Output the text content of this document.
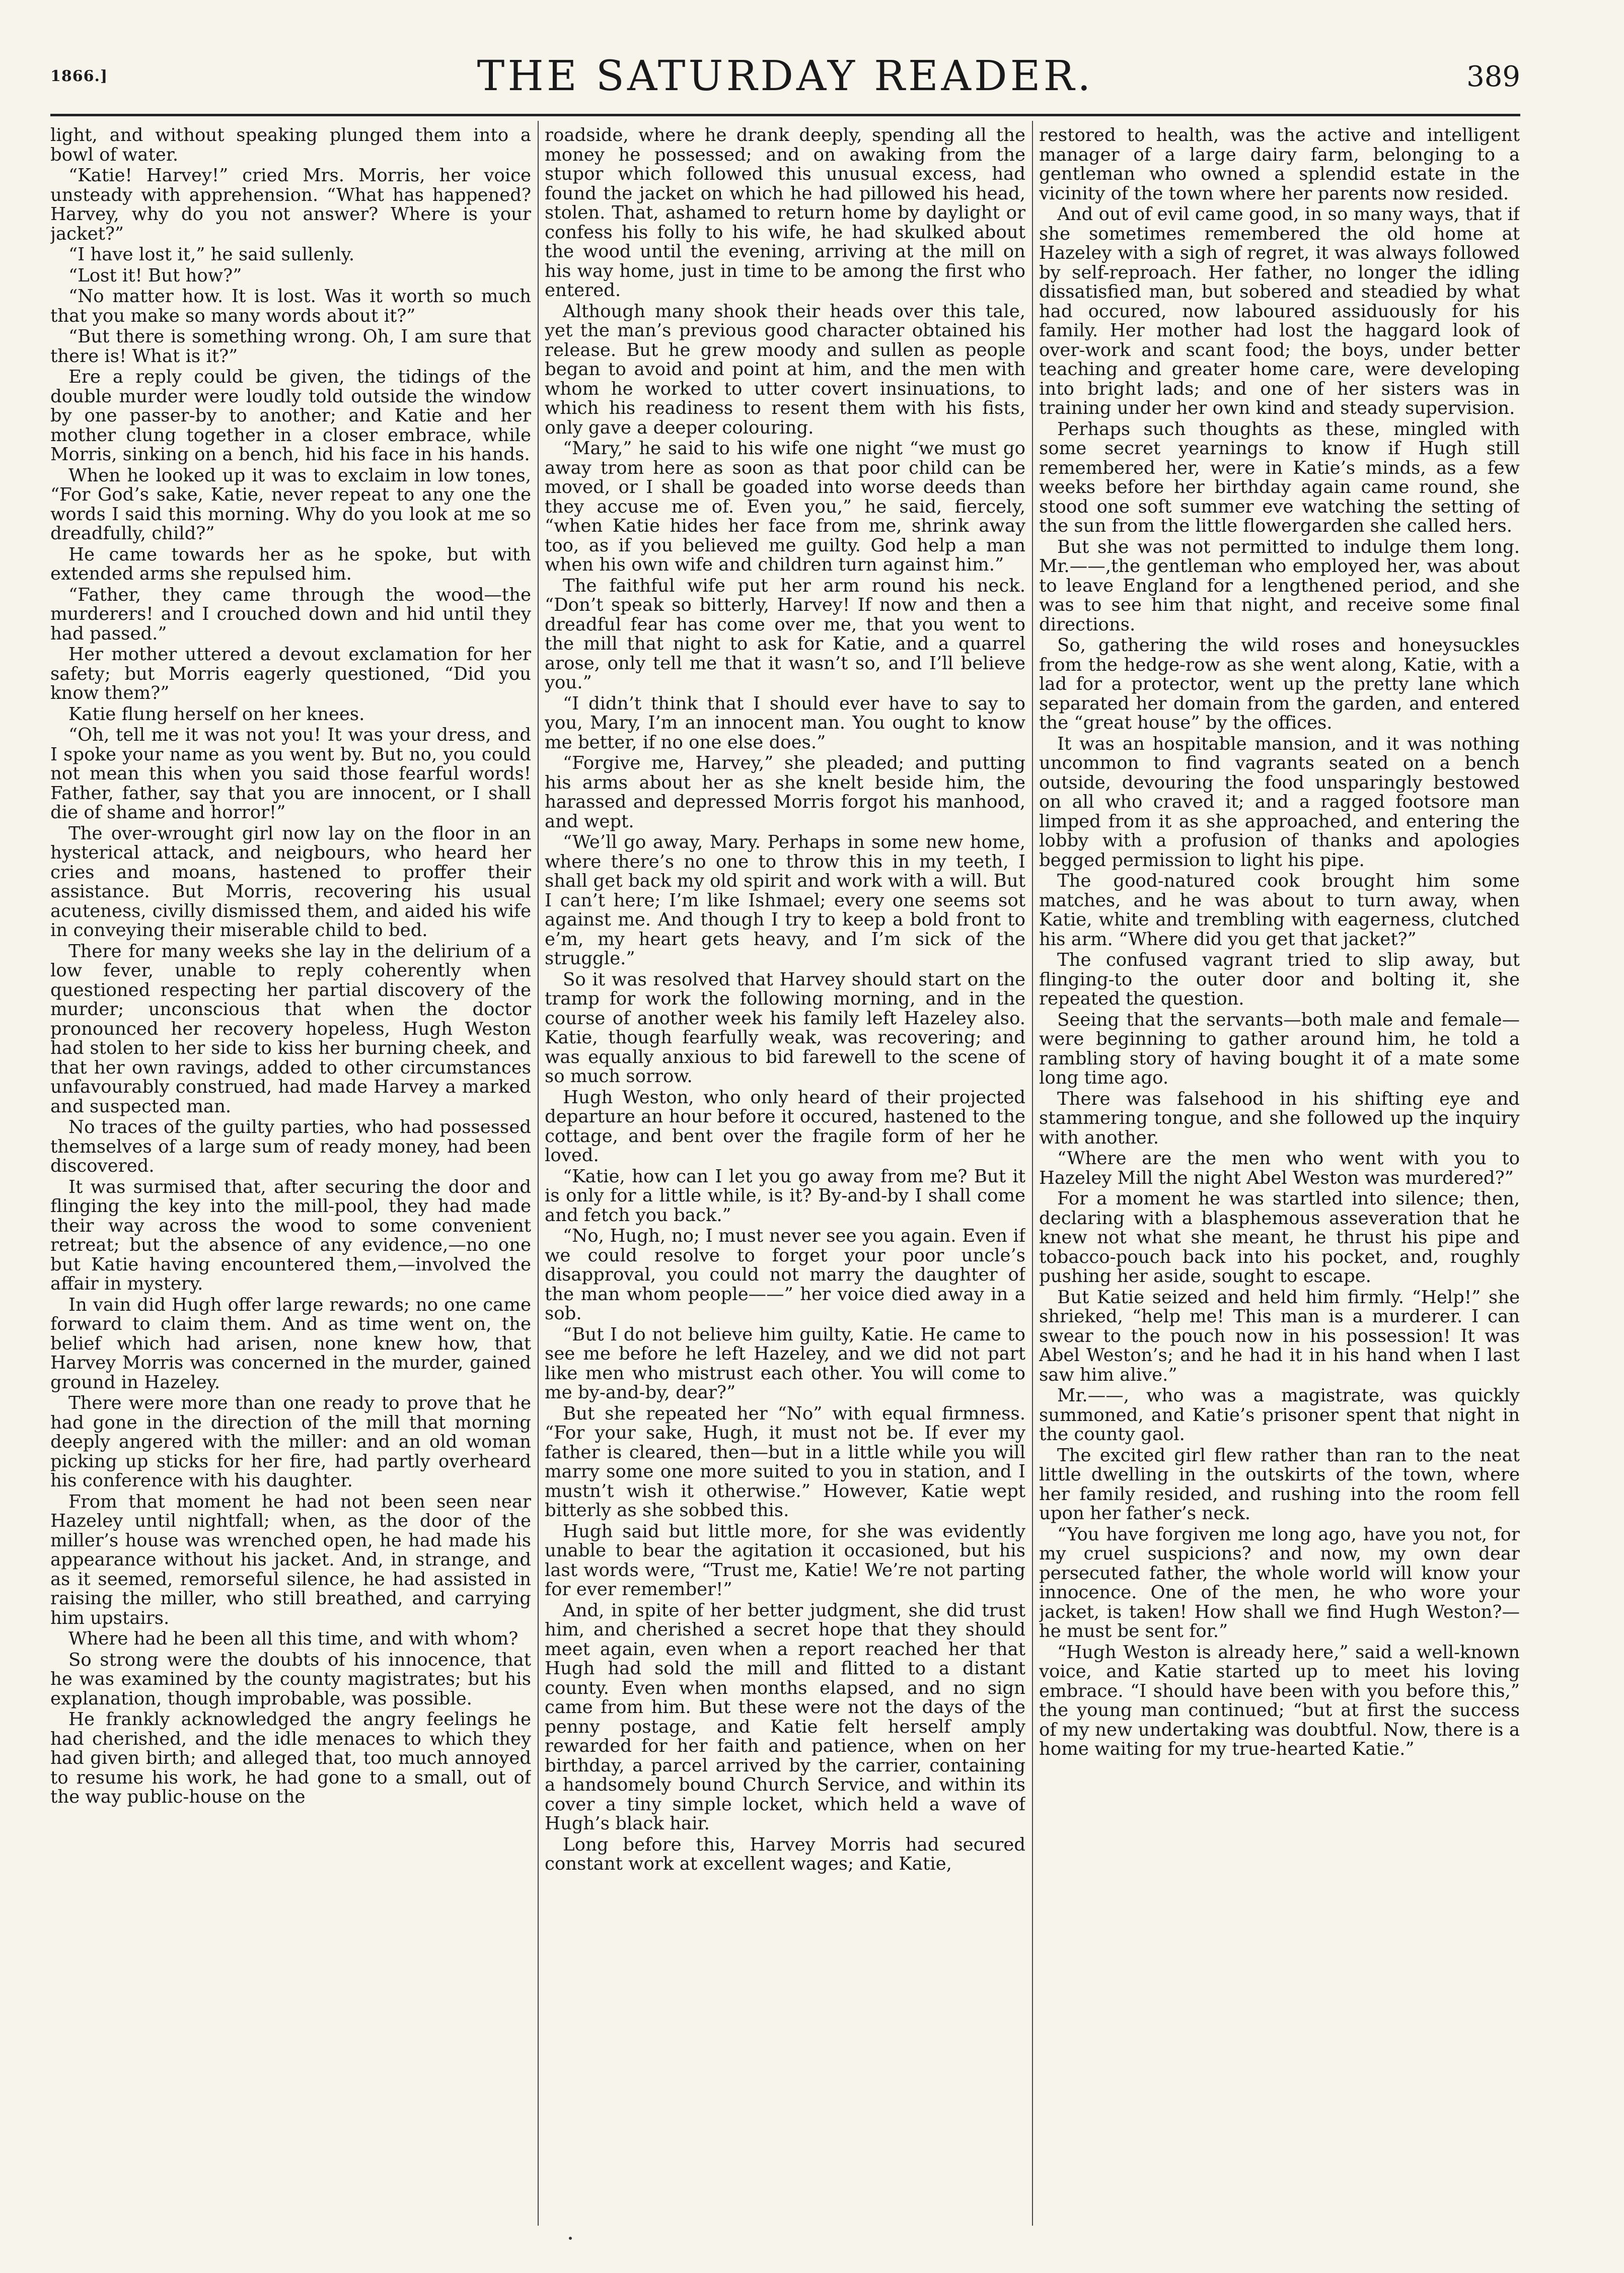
1866.]	THE SATURDAY READER.	389

light, and without speaking plunged them into a bowl of water.

“Katie! Harvey!” cried Mrs. Morris, her voice unsteady with apprehension. “What has happened? Harvey, why do you not answer? Where is your jacket?”

“I have lost it,” he said sullenly.

“Lost it! But how?”

“No matter how. It is lost. Was it worth so much that you make so many words about it?”

“But there is something wrong. Oh, I am sure that there is! What is it?”

Ere a reply could be given, the tidings of the double murder were loudly told outside the window by one passer-by to another; and Katie and her mother clung together in a closer embrace, while Morris, sinking on a bench, hid his face in his hands.

When he looked up it was to exclaim in low tones, “For God’s sake, Katie, never repeat to any one the words I said this morning. Why do you look at me so dreadfully, child?”

He came towards her as he spoke, but with extended arms she repulsed him.

“Father, they came through the wood—the murderers! and I crouched down and hid until they had passed.”

Her mother uttered a devout exclamation for her safety; but Morris eagerly questioned, “Did you know them?”

Katie flung herself on her knees.

“Oh, tell me it was not you! It was your dress, and I spoke your name as you went by. But no, you could not mean this when you said those fearful words! Father, father, say that you are innocent, or I shall die of shame and horror!”

The over-wrought girl now lay on the floor in an hysterical attack, and neigbours, who heard her cries and moans, hastened to proffer their assistance. But Morris, recovering his usual acuteness, civilly dismissed them, and aided his wife in conveying their miserable child to bed.

There for many weeks she lay in the delirium of a low fever, unable to reply coherently when questioned respecting her partial discovery of the murder; unconscious that when the doctor pronounced her recovery hopeless, Hugh Weston had stolen to her side to kiss her burning cheek, and that her own ravings, added to other circumstances unfavourably construed, had made Harvey a marked and suspected man.

No traces of the guilty parties, who had possessed themselves of a large sum of ready money, had been discovered.

It was surmised that, after securing the door and flinging the key into the mill-pool, they had made their way across the wood to some convenient retreat; but the absence of any evidence,—no one but Katie having encountered them,—involved the affair in mystery.

In vain did Hugh offer large rewards; no one came forward to claim them. And as time went on, the belief which had arisen, none knew how, that Harvey Morris was concerned in the murder, gained ground in Hazeley.

There were more than one ready to prove that he had gone in the direction of the mill that morning deeply angered with the miller: and an old woman picking up sticks for her fire, had partly overheard his conference with his daughter.

From that moment he had not been seen near Hazeley until nightfall; when, as the door of the miller’s house was wrenched open, he had made his appearance without his jacket. And, in strange, and as it seemed, remorseful silence, he had assisted in raising the miller, who still breathed, and carrying him upstairs.

Where had he been all this time, and with whom?

So strong were the doubts of his innocence, that he was examined by the county magistrates; but his explanation, though improbable, was possible.

He frankly acknowledged the angry feelings he had cherished, and the idle menaces to which they had given birth; and alleged that, too much annoyed to resume his work, he had gone to a small, out of the way public-house on the

roadside, where he drank deeply, spending all the money he possessed; and on awaking from the stupor which followed this unusual excess, had found the jacket on which he had pillowed his head, stolen. That, ashamed to return home by daylight or confess his folly to his wife, he had skulked about the wood until the evening, arriving at the mill on his way home, just in time to be among the first who entered.

Although many shook their heads over this tale, yet the man’s previous good character obtained his release. But he grew moody and sullen as people began to avoid and point at him, and the men with whom he worked to utter covert insinuations, to which his readiness to resent them with his fists, only gave a deeper colouring.

“Mary,” he said to his wife one night “we must go away trom here as soon as that poor child can be moved, or I shall be goaded into worse deeds than they accuse me of. Even you,” he said, fiercely, “when Katie hides her face from me, shrink away too, as if you believed me guilty. God help a man when his own wife and children turn against him.”

The faithful wife put her arm round his neck. “Don’t speak so bitterly, Harvey! If now and then a dreadful fear has come over me, that you went to the mill that night to ask for Katie, and a quarrel arose, only tell me that it wasn’t so, and I’ll believe you.”

“I didn’t think that I should ever have to say to you, Mary, I’m an innocent man. You ought to know me better, if no one else does.”

“Forgive me, Harvey,” she pleaded; and putting his arms about her as she knelt beside him, the harassed and depressed Morris forgot his manhood, and wept.

“We’ll go away, Mary. Perhaps in some new home, where there’s no one to throw this in my teeth, I shall get back my old spirit and work with a will. But I can’t here; I’m like Ishmael; every one seems sot against me. And though I try to keep a bold front to e’m, my heart gets heavy, and I’m sick of the struggle.”

So it was resolved that Harvey should start on the tramp for work the following morning, and in the course of another week his family left Hazeley also. Katie, though fearfully weak, was recovering; and was equally anxious to bid farewell to the scene of so much sorrow.

Hugh Weston, who only heard of their projected departure an hour before it occured, hastened to the cottage, and bent over the fragile form of her he loved.

“Katie, how can I let you go away from me? But it is only for a little while, is it? By-and-by I shall come and fetch you back.”

“No, Hugh, no; I must never see you again. Even if we could resolve to forget your poor uncle’s disapproval, you could not marry the daughter of the man whom people——” her voice died away in a sob.

“But I do not believe him guilty, Katie. He came to see me before he left Hazeley, and we did not part like men who mistrust each other. You will come to me by-and-by, dear?”

But she repeated her “No” with equal firmness. “For your sake, Hugh, it must not be. If ever my father is cleared, then—but in a little while you will marry some one more suited to you in station, and I mustn’t wish it otherwise.” However, Katie wept bitterly as she sobbed this.

Hugh said but little more, for she was evidently unable to bear the agitation it occasioned, but his last words were, “Trust me, Katie! We’re not parting for ever remember!”

And, in spite of her better judgment, she did trust him, and cherished a secret hope that they should meet again, even when a report reached her that Hugh had sold the mill and flitted to a distant county. Even when months elapsed, and no sign came from him. But these were not the days of the penny postage, and Katie felt herself amply rewarded for her faith and patience, when on her birthday, a parcel arrived by the carrier, containing a handsomely bound Church Service, and within its cover a tiny simple locket, which held a wave of Hugh’s black hair.

Long before this, Harvey Morris had secured constant work at excellent wages; and Katie,

restored to health, was the active and intelligent manager of a large dairy farm, belonging to a gentleman who owned a splendid estate in the vicinity of the town where her parents now resided.

And out of evil came good, in so many ways, that if she sometimes remembered the old home at Hazeley with a sigh of regret, it was always followed by self-reproach. Her father, no longer the idling dissatisfied man, but sobered and steadied by what had occured, now laboured assiduously for his family. Her mother had lost the haggard look of over-work and scant food; the boys, under better teaching and greater home care, were developing into bright lads; and one of her sisters was in training under her own kind and steady supervision.

Perhaps such thoughts as these, mingled with some secret yearnings to know if Hugh still remembered her, were in Katie’s minds, as a few weeks before her birthday again came round, she stood one soft summer eve watching the setting of the sun from the little flowergarden she called hers.

But she was not permitted to indulge them long. Mr.——,the gentleman who employed her, was about to leave England for a lengthened period, and she was to see him that night, and receive some final directions.

So, gathering the wild roses and honeysuckles from the hedge-row as she went along, Katie, with a lad for a protector, went up the pretty lane which separated her domain from the garden, and entered the “great house” by the offices.

It was an hospitable mansion, and it was nothing uncommon to find vagrants seated on a bench outside, devouring the food unsparingly bestowed on all who craved it; and a ragged footsore man limped from it as she approached, and entering the lobby with a profusion of thanks and apologies begged permission to light his pipe.

The good-natured cook brought him some matches, and he was about to turn away, when Katie, white and trembling with eagerness, clutched his arm. “Where did you get that jacket?”

The confused vagrant tried to slip away, but flinging-to the outer door and bolting it, she repeated the question.

Seeing that the servants—both male and female—were beginning to gather around him, he told a rambling story of having bought it of a mate some long time ago.

There was falsehood in his shifting eye and stammering tongue, and she followed up the inquiry with another.

“Where are the men who went with you to Hazeley Mill the night Abel Weston was murdered?”

For a moment he was startled into silence; then, declaring with a blasphemous asseveration that he knew not what she meant, he thrust his pipe and tobacco-pouch back into his pocket, and, roughly pushing her aside, sought to escape.

But Katie seized and held him firmly. “Help!” she shrieked, “help me! This man is a murderer. I can swear to the pouch now in his possession! It was Abel Weston’s; and he had it in his hand when I last saw him alive.”

Mr.——, who was a magistrate, was quickly summoned, and Katie’s prisoner spent that night in the county gaol.

The excited girl flew rather than ran to the neat little dwelling in the outskirts of the town, where her family resided, and rushing into the room fell upon her father’s neck.

“You have forgiven me long ago, have you not, for my cruel suspicions? and now, my own dear persecuted father, the whole world will know your innocence. One of the men, he who wore your jacket, is taken! How shall we find Hugh Weston?—he must be sent for.”

“Hugh Weston is already here,” said a well-known voice, and Katie started up to meet his loving embrace. “I should have been with you before this,” the young man continued; “but at first the success of my new undertaking was doubtful. Now, there is a home waiting for my true-hearted Katie.”
